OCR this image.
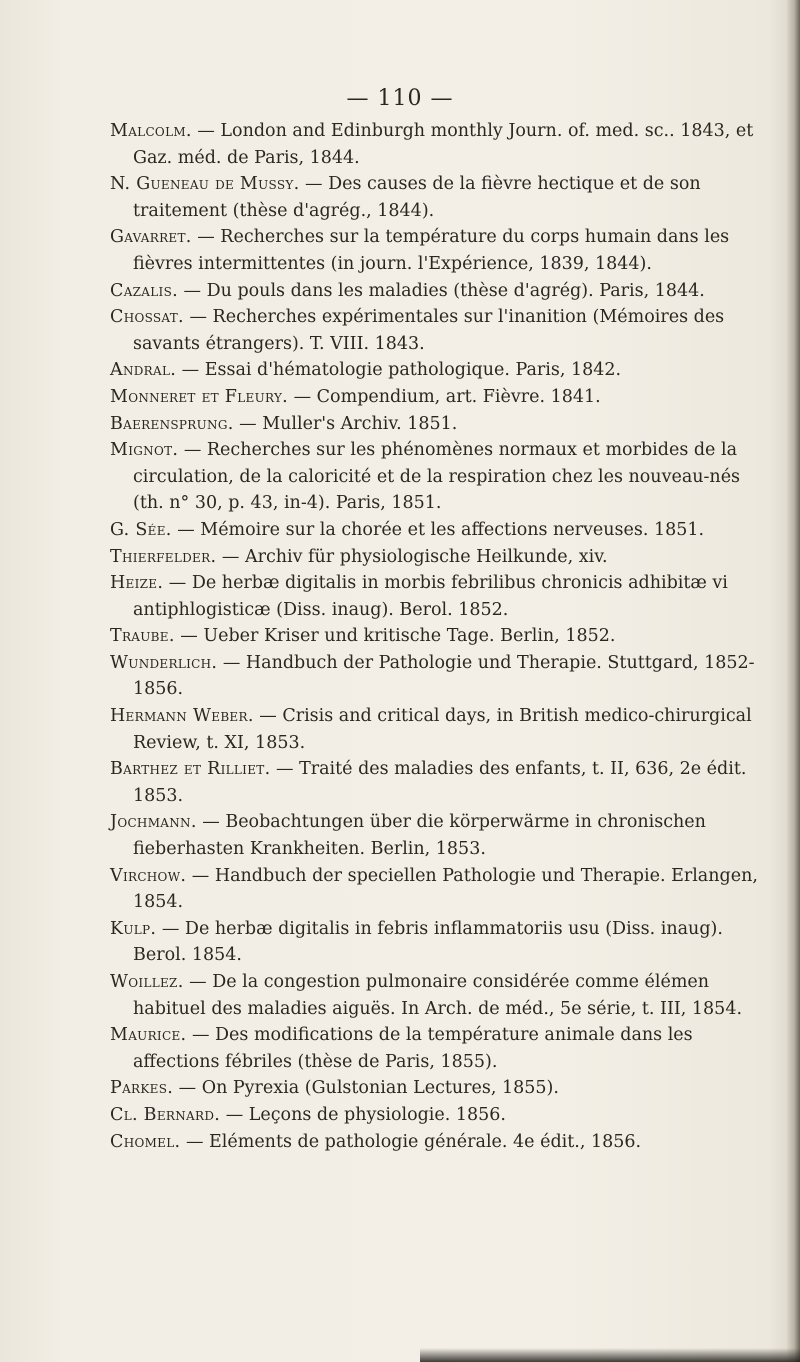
— 110 —

Malcolm. — London and Edinburgh monthly Journ. of. med. sc.. 1843, et Gaz. méd. de Paris, 1844.

N. Gueneau de Mussy. — Des causes de la fièvre hectique et de son traitement (thèse d'agrég., 1844).

Gavarret. — Recherches sur la température du corps humain dans les fièvres intermittentes (in journ. l'Expérience, 1839, 1844).

Cazalis. — Du pouls dans les maladies (thèse d'agrég). Paris, 1844.

Chossat. — Recherches expérimentales sur l'inanition (Mémoires des savants étrangers). T. VIII. 1843.

Andral. — Essai d'hématologie pathologique. Paris, 1842.

Monneret et Fleury. — Compendium, art. Fièvre. 1841.

Baerensprung. — Muller's Archiv. 1851.

Mignot. — Recherches sur les phénomènes normaux et morbides de la circulation, de la caloricité et de la respiration chez les nouveau-nés (th. n° 30, p. 43, in-4). Paris, 1851.

G. Sée. — Mémoire sur la chorée et les affections nerveuses. 1851.

Thierfelder. — Archiv für physiologische Heilkunde, xiv.

Heize. — De herbæ digitalis in morbis febrilibus chronicis adhibitæ vi antiphlogisticæ (Diss. inaug). Berol. 1852.

Traube. — Ueber Kriser und kritische Tage. Berlin, 1852.

Wunderlich. — Handbuch der Pathologie und Therapie. Stuttgard, 1852-1856.

Hermann Weber. — Crisis and critical days, in British medico-chirurgical Review, t. XI, 1853.

Barthez et Rilliet. — Traité des maladies des enfants, t. II, 636, 2e édit. 1853.

Jochmann. — Beobachtungen über die körperwärme in chronischen fieberhasten Krankheiten. Berlin, 1853.

Virchow. — Handbuch der speciellen Pathologie und Therapie. Erlangen, 1854.

Kulp. — De herbæ digitalis in febris inflammatoriis usu (Diss. inaug). Berol. 1854.

Woillez. — De la congestion pulmonaire considérée comme élémen habituel des maladies aiguës. In Arch. de méd., 5e série, t. III, 1854.

Maurice. — Des modifications de la température animale dans les affections fébriles (thèse de Paris, 1855).

Parkes. — On Pyrexia (Gulstonian Lectures, 1855).

Cl. Bernard. — Leçons de physiologie. 1856.

Chomel. — Eléments de pathologie générale. 4e édit., 1856.
